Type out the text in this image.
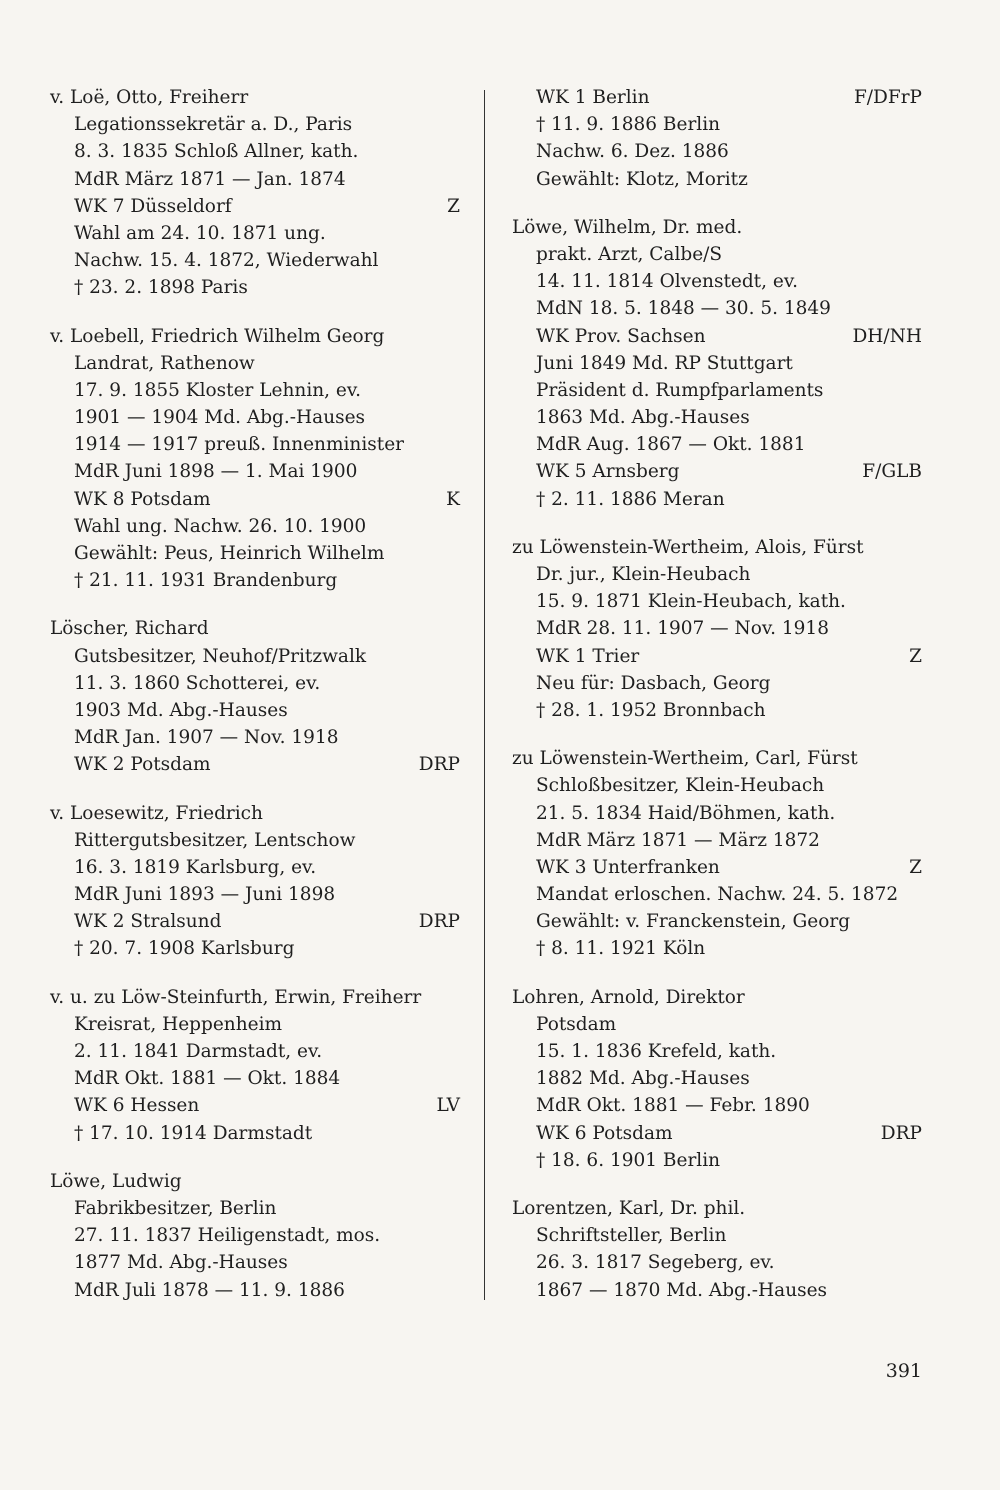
v. Loë, Otto, Freiherr
Legationssekretär a. D., Paris
8. 3. 1835 Schloß Allner, kath.
MdR März 1871 — Jan. 1874
WK 7 Düsseldorf	Z
Wahl am 24. 10. 1871 ung.
Nachw. 15. 4. 1872, Wiederwahl
† 23. 2. 1898 Paris
v. Loebell, Friedrich Wilhelm Georg
Landrat, Rathenow
17. 9. 1855 Kloster Lehnin, ev.
1901 — 1904 Md. Abg.-Hauses
1914 — 1917 preuß. Innenminister
MdR Juni 1898 — 1. Mai 1900
WK 8 Potsdam	K
Wahl ung. Nachw. 26. 10. 1900
Gewählt: Peus, Heinrich Wilhelm
† 21. 11. 1931 Brandenburg
Löscher, Richard
Gutsbesitzer, Neuhof/Pritzwalk
11. 3. 1860 Schotterei, ev.
1903 Md. Abg.-Hauses
MdR Jan. 1907 — Nov. 1918
WK 2 Potsdam	DRP
v. Loesewitz, Friedrich
Rittergutsbesitzer, Lentschow
16. 3. 1819 Karlsburg, ev.
MdR Juni 1893 — Juni 1898
WK 2 Stralsund	DRP
† 20. 7. 1908 Karlsburg
v. u. zu Löw-Steinfurth, Erwin, Freiherr
Kreisrat, Heppenheim
2. 11. 1841 Darmstadt, ev.
MdR Okt. 1881 — Okt. 1884
WK 6 Hessen	LV
† 17. 10. 1914 Darmstadt
Löwe, Ludwig
Fabrikbesitzer, Berlin
27. 11. 1837 Heiligenstadt, mos.
1877 Md. Abg.-Hauses
MdR Juli 1878 — 11. 9. 1886
WK 1 Berlin	F/DFrP
† 11. 9. 1886 Berlin
Nachw. 6. Dez. 1886
Gewählt: Klotz, Moritz
Löwe, Wilhelm, Dr. med.
prakt. Arzt, Calbe/S
14. 11. 1814 Olvenstedt, ev.
MdN 18. 5. 1848 — 30. 5. 1849
WK Prov. Sachsen	DH/NH
Juni 1849 Md. RP Stuttgart
Präsident d. Rumpfparlaments
1863 Md. Abg.-Hauses
MdR Aug. 1867 — Okt. 1881
WK 5 Arnsberg	F/GLB
† 2. 11. 1886 Meran
zu Löwenstein-Wertheim, Alois, Fürst
Dr. jur., Klein-Heubach
15. 9. 1871 Klein-Heubach, kath.
MdR 28. 11. 1907 — Nov. 1918
WK 1 Trier	Z
Neu für: Dasbach, Georg
† 28. 1. 1952 Bronnbach
zu Löwenstein-Wertheim, Carl, Fürst
Schloßbesitzer, Klein-Heubach
21. 5. 1834 Haid/Böhmen, kath.
MdR März 1871 — März 1872
WK 3 Unterfranken	Z
Mandat erloschen. Nachw. 24. 5. 1872
Gewählt: v. Franckenstein, Georg
† 8. 11. 1921 Köln
Lohren, Arnold, Direktor
Potsdam
15. 1. 1836 Krefeld, kath.
1882 Md. Abg.-Hauses
MdR Okt. 1881 — Febr. 1890
WK 6 Potsdam	DRP
† 18. 6. 1901 Berlin
Lorentzen, Karl, Dr. phil.
Schriftsteller, Berlin
26. 3. 1817 Segeberg, ev.
1867 — 1870 Md. Abg.-Hauses
391
